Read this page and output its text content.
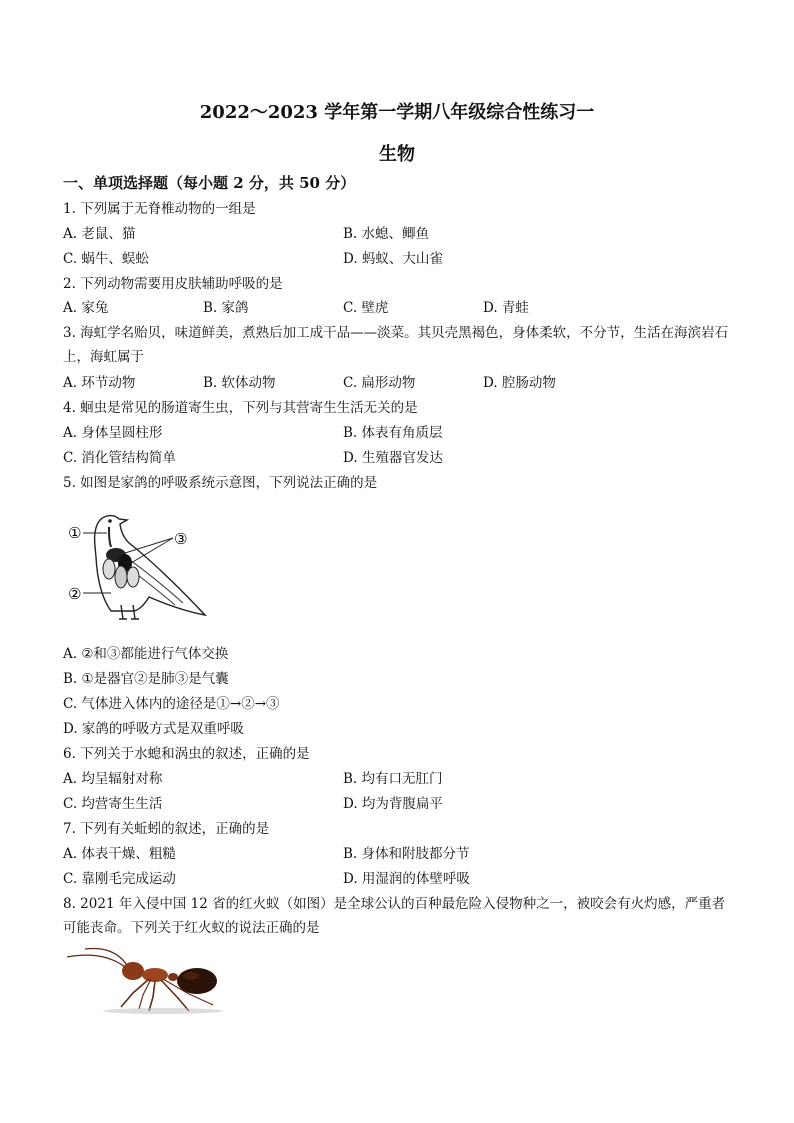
2022～2023 学年第一学期八年级综合性练习一
生物
一、单项选择题（每小题 2 分，共 50 分）
1. 下列属于无脊椎动物的一组是
A. 老鼠、猫	B. 水螅、鲫鱼
C. 蜗牛、蜈蚣	D. 蚂蚁、大山雀
2. 下列动物需要用皮肤辅助呼吸的是
A. 家兔	B. 家鸽	C. 壁虎	D. 青蛙
3. 海虹学名贻贝，味道鲜美，煮熟后加工成干品——淡菜。其贝壳黑褐色，身体柔软，不分节，生活在海滨岩石上，海虹属于
A. 环节动物	B. 软体动物	C. 扁形动物	D. 腔肠动物
4. 蛔虫是常见的肠道寄生虫，下列与其营寄生生活无关的是
A. 身体呈圆柱形	B. 体表有角质层
C. 消化管结构简单	D. 生殖器官发达
5. 如图是家鸽的呼吸系统示意图，下列说法正确的是
①
②
③
A. ②和③都能进行气体交换
B. ①是器官②是肺③是气囊
C. 气体进入体内的途径是①→②→③
D. 家鸽的呼吸方式是双重呼吸
6. 下列关于水螅和涡虫的叙述，正确的是
A. 均呈辐射对称	B. 均有口无肛门
C. 均营寄生生活	D. 均为背腹扁平
7. 下列有关蚯蚓的叙述，正确的是
A. 体表干燥、粗糙	B. 身体和附肢都分节
C. 靠刚毛完成运动	D. 用湿润的体壁呼吸
8. 2021 年入侵中国 12 省的红火蚁（如图）是全球公认的百种最危险入侵物种之一，被咬会有火灼感，严重者可能丧命。下列关于红火蚁的说法正确的是
